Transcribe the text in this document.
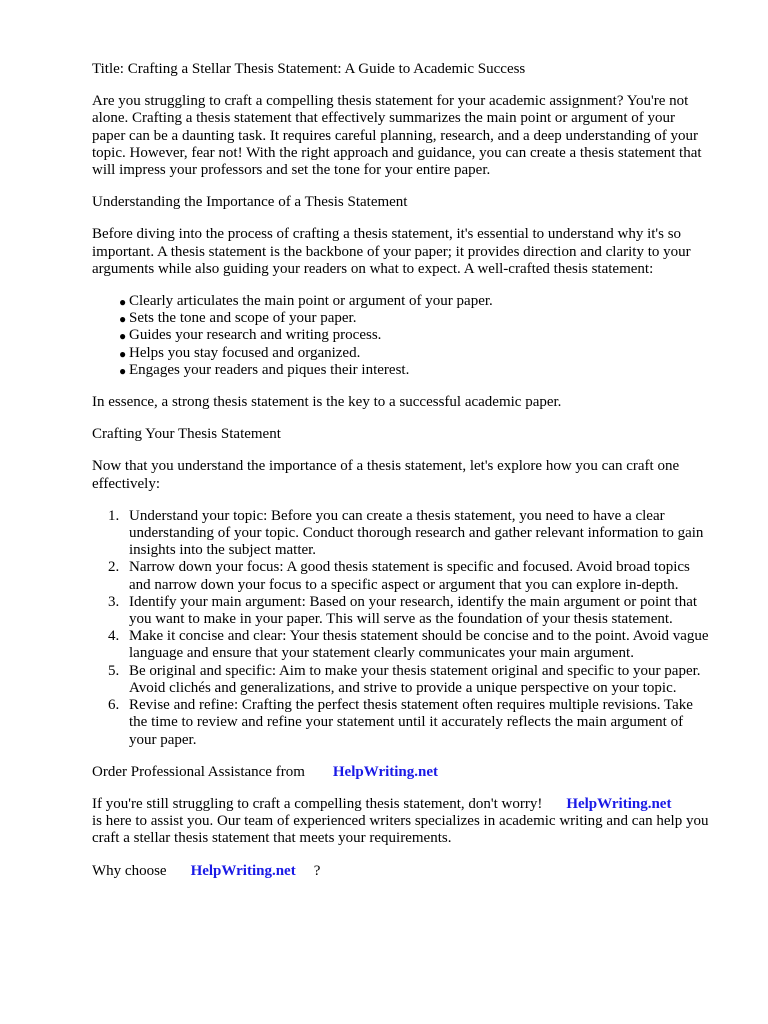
Title: Crafting a Stellar Thesis Statement: A Guide to Academic Success

Are you struggling to craft a compelling thesis statement for your academic assignment? You're not alone. Crafting a thesis statement that effectively summarizes the main point or argument of your paper can be a daunting task. It requires careful planning, research, and a deep understanding of your topic. However, fear not! With the right approach and guidance, you can create a thesis statement that will impress your professors and set the tone for your entire paper.

Understanding the Importance of a Thesis Statement

Before diving into the process of crafting a thesis statement, it's essential to understand why it's so important. A thesis statement is the backbone of your paper; it provides direction and clarity to your arguments while also guiding your readers on what to expect. A well-crafted thesis statement:

● Clearly articulates the main point or argument of your paper.
● Sets the tone and scope of your paper.
● Guides your research and writing process.
● Helps you stay focused and organized.
● Engages your readers and piques their interest.

In essence, a strong thesis statement is the key to a successful academic paper.

Crafting Your Thesis Statement

Now that you understand the importance of a thesis statement, let's explore how you can craft one effectively:

1. Understand your topic: Before you can create a thesis statement, you need to have a clear understanding of your topic. Conduct thorough research and gather relevant information to gain insights into the subject matter.
2. Narrow down your focus: A good thesis statement is specific and focused. Avoid broad topics and narrow down your focus to a specific aspect or argument that you can explore in-depth.
3. Identify your main argument: Based on your research, identify the main argument or point that you want to make in your paper. This will serve as the foundation of your thesis statement.
4. Make it concise and clear: Your thesis statement should be concise and to the point. Avoid vague language and ensure that your statement clearly communicates your main argument.
5. Be original and specific: Aim to make your thesis statement original and specific to your paper. Avoid clichés and generalizations, and strive to provide a unique perspective on your topic.
6. Revise and refine: Crafting the perfect thesis statement often requires multiple revisions. Take the time to review and refine your statement until it accurately reflects the main argument of your paper.

Order Professional Assistance from HelpWriting.net

If you're still struggling to craft a compelling thesis statement, don't worry! HelpWriting.net
is here to assist you. Our team of experienced writers specializes in academic writing and can help you craft a stellar thesis statement that meets your requirements.

Why choose HelpWriting.net ?
